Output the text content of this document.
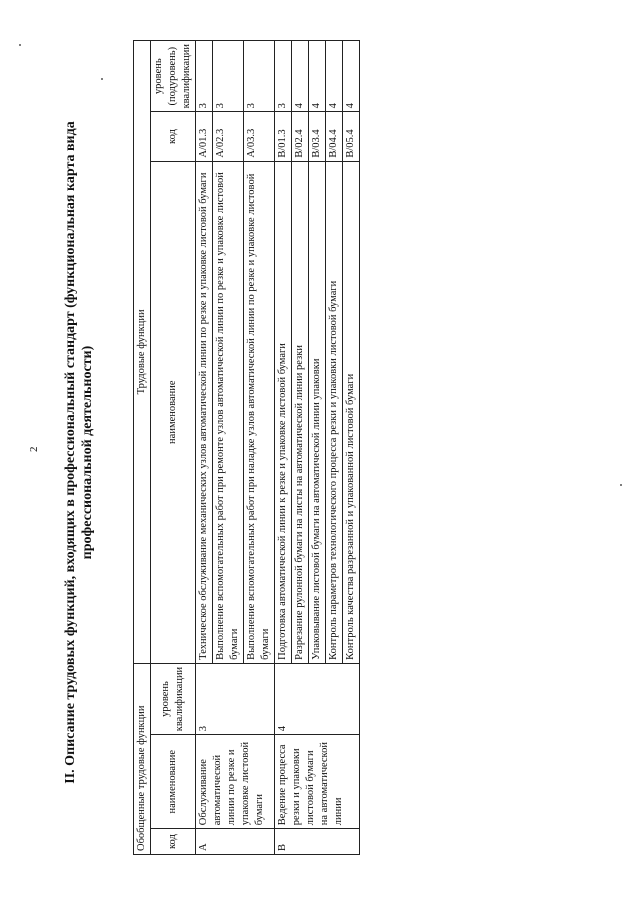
2 II. Описание трудовых функций, входящих в профессиональный стандарт (функциональная карта вида профессиональной деятельности)
Обобщенные трудовые функции			Трудовые функции		
код	наименование	уровень квалификации	наименование	код	уровень (подуровень) квалификации
A	Обслуживание автоматической линии по резке и упаковке листовой бумаги	3	Техническое обслуживание механических узлов автоматической линии по резке и упаковке листовой бумаги	A/01.3	3
			Выполнение вспомогательных работ при ремонте узлов автоматической линии по резке и упаковке листовой бумаги	A/02.3	3
			Выполнение вспомогательных работ при наладке узлов автоматической линии по резке и упаковке листовой бумаги	A/03.3	3
B	Ведение процесса резки и упаковки листовой бумаги на автоматической линии	4	Подготовка автоматической линии к резке и упаковке листовой бумаги	B/01.3	3
			Разрезание рулонной бумаги на листы на автоматической линии резки	B/02.4	4
			Упаковывание листовой бумаги на автоматической линии упаковки	B/03.4	4
			Контроль параметров технологического процесса резки и упаковки листовой бумаги	B/04.4	4
			Контроль качества разрезанной и упакованной листовой бумаги	B/05.4	4
